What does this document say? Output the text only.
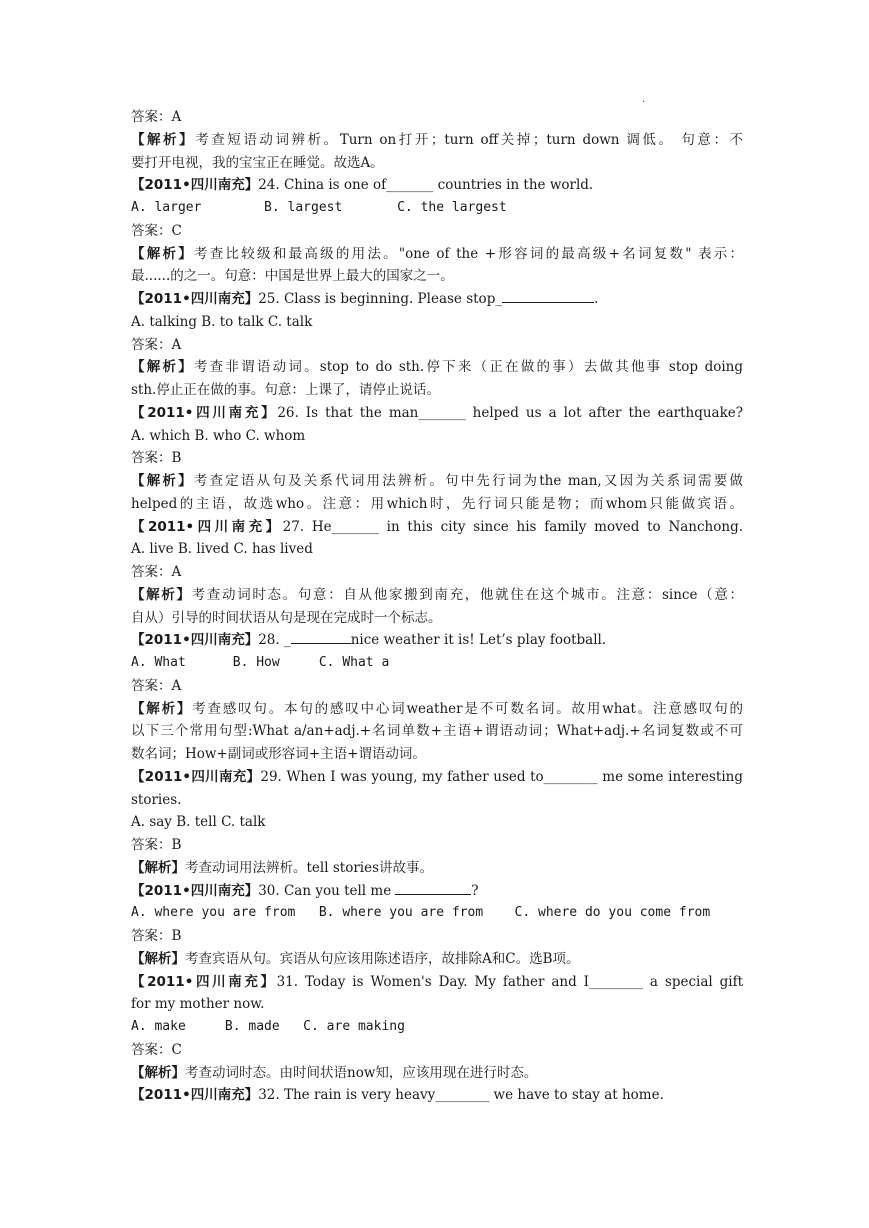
.
答案：A
【解析】考查短语动词辨析。Turn on打开；turn off关掉；turn down 调低。 句意：不
要打开电视，我的宝宝正在睡觉。故选A。
【2011•四川南充】24. China is one of_______ countries in the world.
A. larger        B. largest       C. the largest
答案：C
【解析】考查比较级和最高级的用法。"one of the +形容词的最高级+名词复数" 表示：
最......的之一。句意：中国是世界上最大的国家之一。
【2011•四川南充】25. Class is beginning. Please stop_	.
A. talking B. to talk C. talk
答案：A
【解析】考查非谓语动词。stop to do sth.停下来（正在做的事）去做其他事 stop doing
sth.停止正在做的事。句意：上课了，请停止说话。
【2011•四川南充】26. Is that the man_______ helped us a lot after the earthquake?
A. which B. who C. whom
答案：B
【解析】考查定语从句及关系代词用法辨析。句中先行词为the man,又因为关系词需要做
helped的主语，故选who。注意：用which时，先行词只能是物；而whom只能做宾语。
【2011•四川南充】27. He_______ in this city since his family moved to Nanchong.
A. live B. lived C. has lived
答案：A
【解析】考查动词时态。句意：自从他家搬到南充，他就住在这个城市。注意：since（意：
自从）引导的时间状语从句是现在完成时一个标志。
【2011•四川南充】28. _	nice weather it is! Let’s play football.
A. What      B. How     C. What a
答案：A
【解析】考查感叹句。本句的感叹中心词weather是不可数名词。故用what。注意感叹句的
以下三个常用句型:What a/an+adj.+名词单数+主语+谓语动词；What+adj.+名词复数或不可
数名词；How+副词或形容词+主语+谓语动词。
【2011•四川南充】29. When I was young, my father used to________ me some interesting
stories.
A. say B. tell C. talk
答案：B
【解析】考查动词用法辨析。tell stories讲故事。
【2011•四川南充】30. Can you tell me	?
A. where you are from   B. where you are from    C. where do you come from
答案：B
【解析】考查宾语从句。宾语从句应该用陈述语序，故排除A和C。选B项。
【2011•四川南充】31. Today is Women's Day. My father and I________ a special gift
for my mother now.
A. make     B. made   C. are making
答案：C
【解析】考查动词时态。由时间状语now知，应该用现在进行时态。
【2011•四川南充】32. The rain is very heavy________ we have to stay at home.
